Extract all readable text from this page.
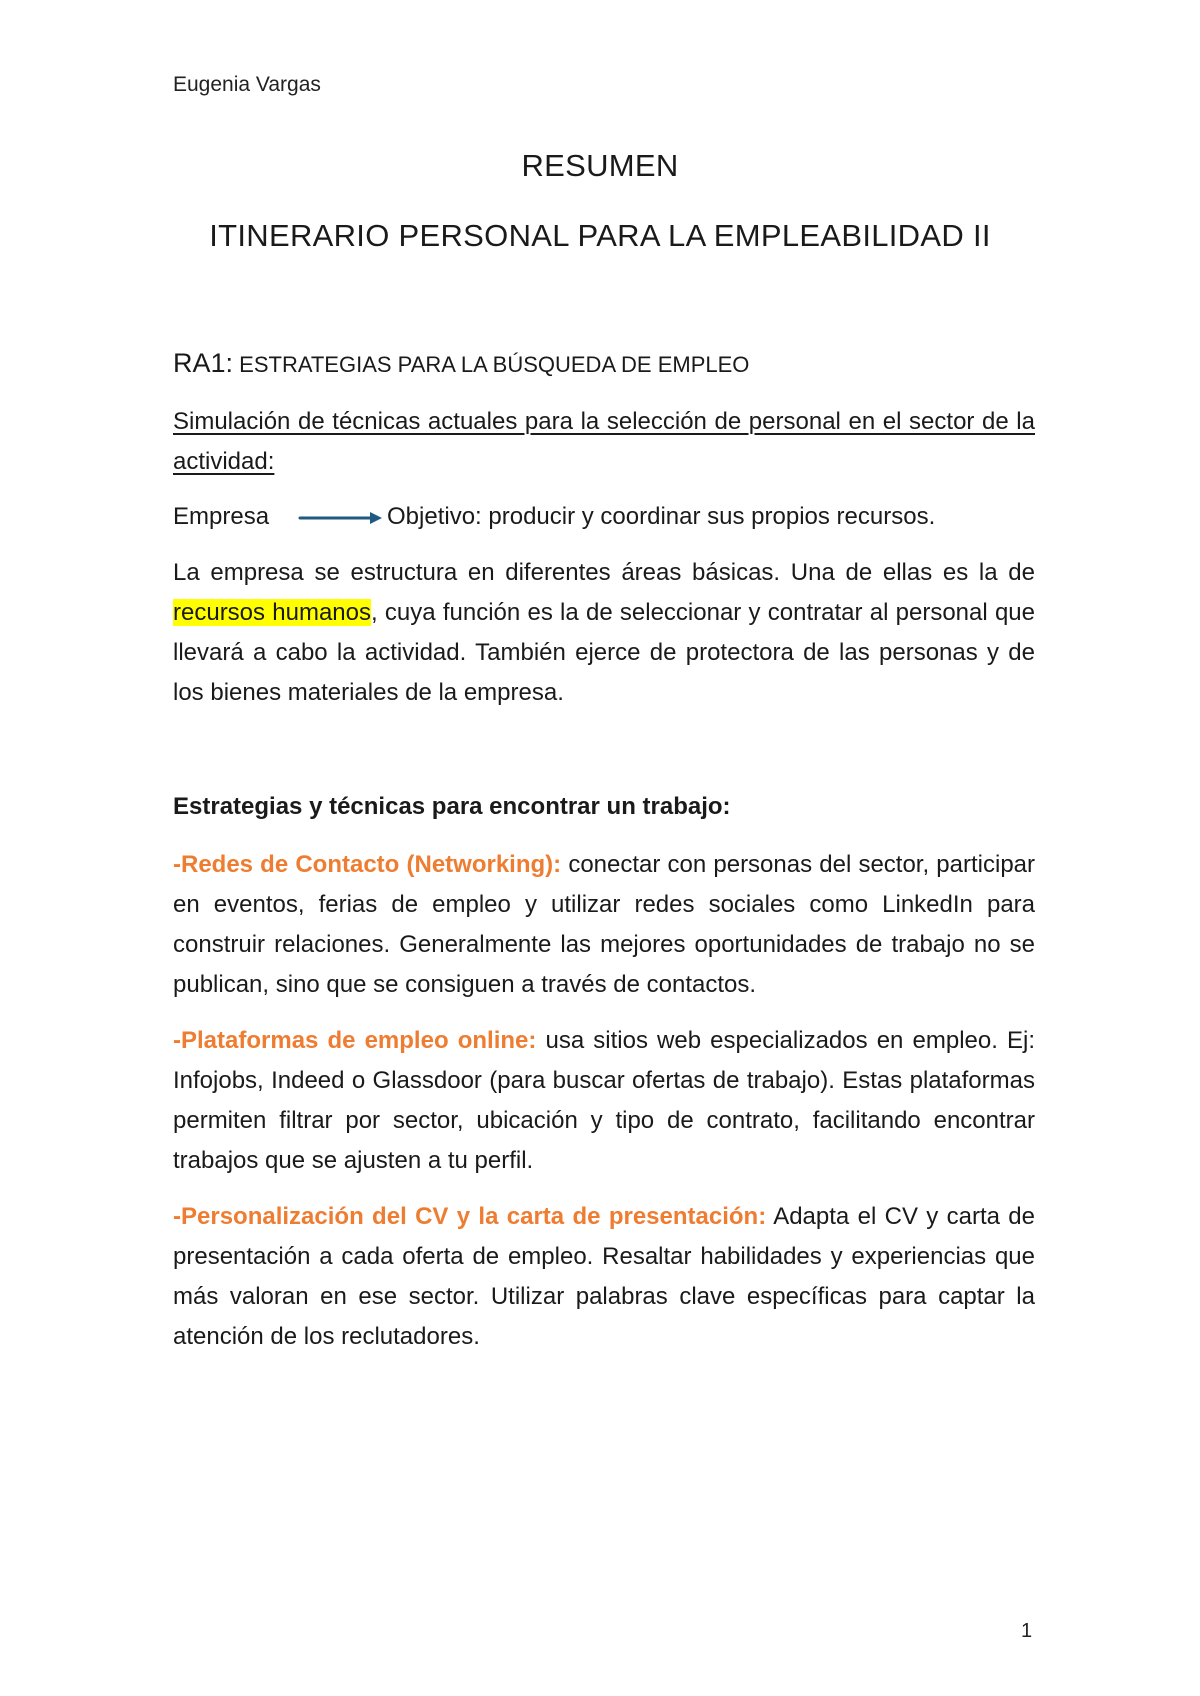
Eugenia Vargas
RESUMEN
ITINERARIO PERSONAL PARA LA EMPLEABILIDAD II
RA1: ESTRATEGIAS PARA LA BÚSQUEDA DE EMPLEO
Simulación de técnicas actuales para la selección de personal en el sector de la actividad:
Empresa	Objetivo: producir y coordinar sus propios recursos.
La empresa se estructura en diferentes áreas básicas. Una de ellas es la de recursos humanos, cuya función es la de seleccionar y contratar al personal que llevará a cabo la actividad. También ejerce de protectora de las personas y de los bienes materiales de la empresa.
Estrategias y técnicas para encontrar un trabajo:
-Redes de Contacto (Networking): conectar con personas del sector, participar en eventos, ferias de empleo y utilizar redes sociales como LinkedIn para construir relaciones. Generalmente las mejores oportunidades de trabajo no se publican, sino que se consiguen a través de contactos.
-Plataformas de empleo online: usa sitios web especializados en empleo. Ej: Infojobs, Indeed o Glassdoor (para buscar ofertas de trabajo). Estas plataformas permiten filtrar por sector, ubicación y tipo de contrato, facilitando encontrar trabajos que se ajusten a tu perfil.
-Personalización del CV y la carta de presentación: Adapta el CV y carta de presentación a cada oferta de empleo. Resaltar habilidades y experiencias que más valoran en ese sector. Utilizar palabras clave específicas para captar la atención de los reclutadores.
1
